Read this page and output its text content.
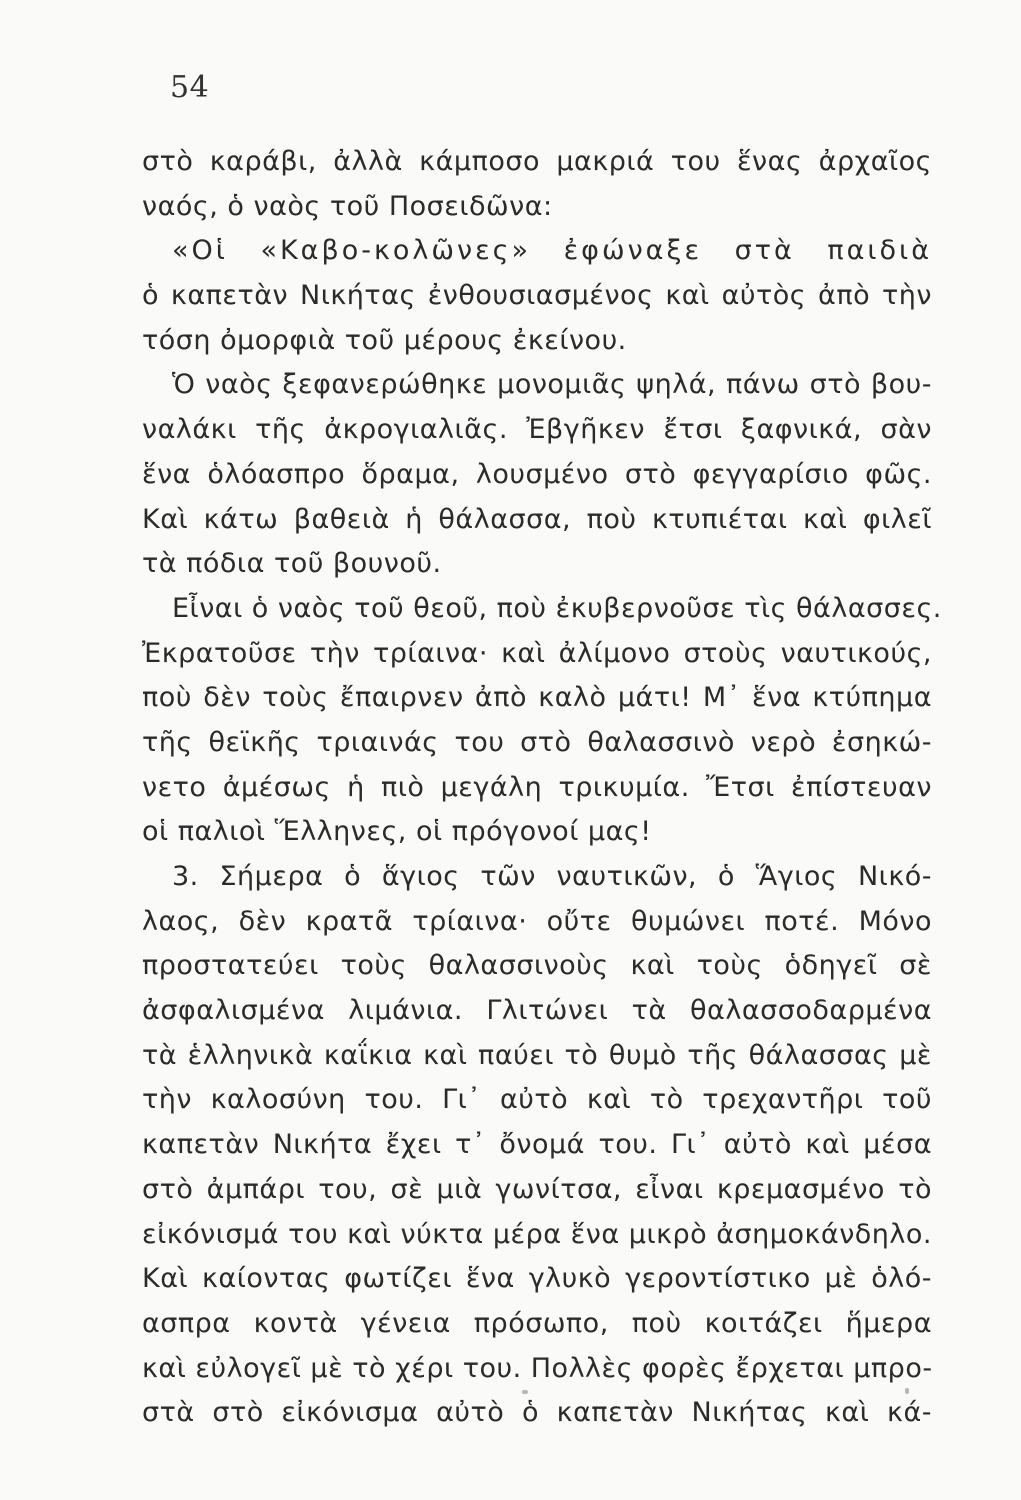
54
στὸ καράβι, ἀλλὰ κάμποσο μακριά του ἕνας ἀρχαῖος
ναός, ὁ ναὸς τοῦ Ποσειδῶνα:
«Οἱ «Καβο-κολῶνες» ἐφώναξε στὰ παιδιὰ
ὁ καπετὰν Νικήτας ἐνθουσιασμένος καὶ αὐτὸς ἀπὸ τὴν
τόση ὀμορφιὰ τοῦ μέρους ἐκείνου.
Ὁ ναὸς ξεφανερώθηκε μονομιᾶς ψηλά, πάνω στὸ βου-
ναλάκι τῆς ἀκρογιαλιᾶς. Ἐβγῆκεν ἔτσι ξαφνικά, σὰν
ἕνα ὁλόασπρο ὅραμα, λουσμένο στὸ φεγγαρίσιο φῶς.
Καὶ κάτω βαθειὰ ἡ θάλασσα, ποὺ κτυπιέται καὶ φιλεῖ
τὰ πόδια τοῦ βουνοῦ.
Εἶναι ὁ ναὸς τοῦ θεοῦ, ποὺ ἐκυβερνοῦσε τὶς θάλασσες.
Ἐκρατοῦσε τὴν τρίαινα· καὶ ἀλίμονο στοὺς ναυτικούς,
ποὺ δὲν τοὺς ἔπαιρνεν ἀπὸ καλὸ μάτι! Μ᾿ ἕνα κτύπημα
τῆς θεϊκῆς τριαινάς του στὸ θαλασσινὸ νερὸ ἐσηκώ-
νετο ἀμέσως ἡ πιὸ μεγάλη τρικυμία. Ἔτσι ἐπίστευαν
οἱ παλιοὶ Ἕλληνες, οἱ πρόγονοί μας!
3. Σήμερα ὁ ἅγιος τῶν ναυτικῶν, ὁ Ἅγιος Νικό-
λαος, δὲν κρατᾶ τρίαινα· οὔτε θυμώνει ποτέ. Μόνο
προστατεύει τοὺς θαλασσινοὺς καὶ τοὺς ὁδηγεῖ σὲ
ἀσφαλισμένα λιμάνια. Γλιτώνει τὰ θαλασσοδαρμένα
τὰ ἑλληνικὰ καΐκια καὶ παύει τὸ θυμὸ τῆς θάλασσας μὲ
τὴν καλοσύνη του. Γι᾿ αὐτὸ καὶ τὸ τρεχαντῆρι τοῦ
καπετὰν Νικήτα ἔχει τ᾿ ὄνομά του. Γι᾿ αὐτὸ καὶ μέσα
στὸ ἀμπάρι του, σὲ μιὰ γωνίτσα, εἶναι κρεμασμένο τὸ
εἰκόνισμά του καὶ νύκτα μέρα ἕνα μικρὸ ἀσημοκάνδηλο.
Καὶ καίοντας φωτίζει ἕνα γλυκὸ γεροντίστικο μὲ ὁλό-
ασπρα κοντὰ γένεια πρόσωπο, ποὺ κοιτάζει ἥμερα
καὶ εὐλογεῖ μὲ τὸ χέρι του. Πολλὲς φορὲς ἔρχεται μπρο-
στὰ στὸ εἰκόνισμα αὐτὸ ὁ καπετὰν Νικήτας καὶ κά-
